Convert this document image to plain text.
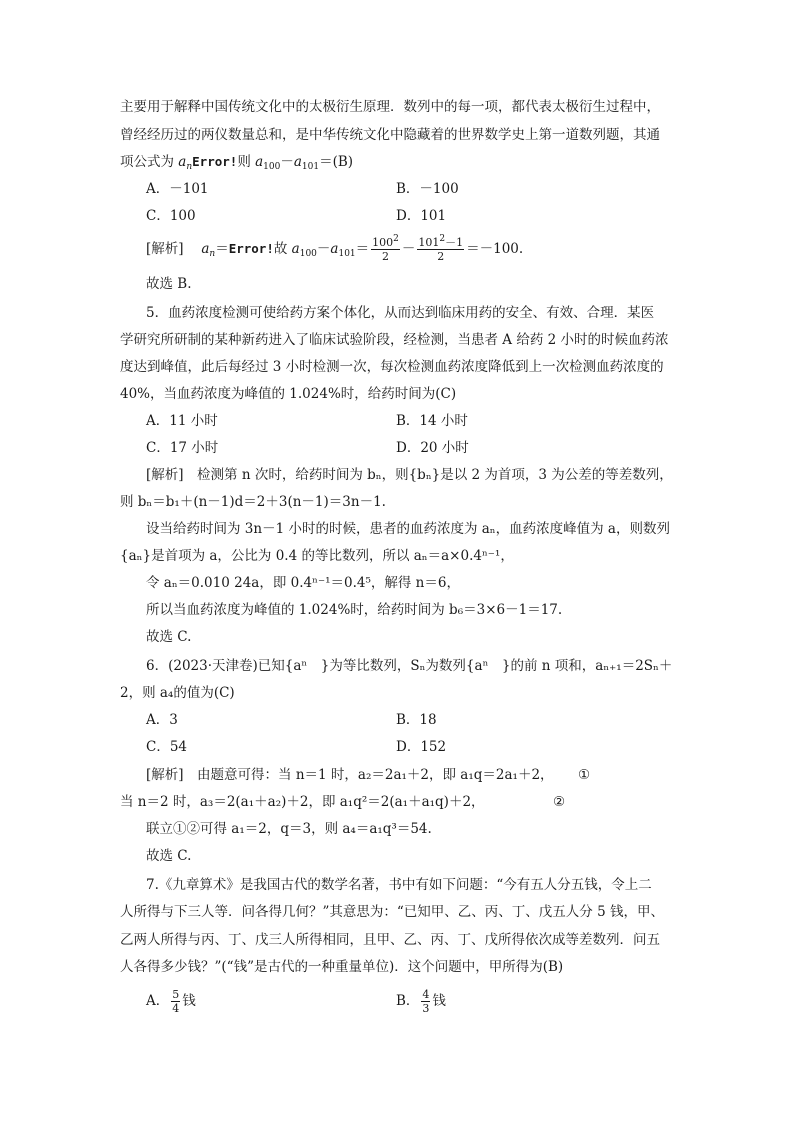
主要用于解释中国传统文化中的太极衍生原理．数列中的每一项，都代表太极衍生过程中，
曾经经历过的两仪数量总和，是中华传统文化中隐藏着的世界数学史上第一道数列题，其通
项公式为 $a_nError$!则 $a_{100}-a_{101}=(B)$
A．－101	B．－100
C．100	D．101
[解析]　 $a_n=Error$!故 $a_{100}-a_{101}= \frac{100^2}{2} - \frac{101^2-1}{2} =-100$.
故选 B.
5．血药浓度检测可使给药方案个体化，从而达到临床用药的安全、有效、合理．某医
学研究所研制的某种新药进入了临床试验阶段，经检测，当患者 A 给药 2 小时的时候血药浓
度达到峰值，此后每经过 3 小时检测一次，每次检测血药浓度降低到上一次检测血药浓度的
40%，当血药浓度为峰值的 1.024%时，给药时间为(C)
A．11 小时	B．14 小时
C．17 小时	D．20 小时
[解析]　 检测第 n 次时，给药时间为 bₙ，则{bₙ}是以 2 为首项，3 为公差的等差数列，
则 bₙ＝b₁＋(n－1)d＝2＋3(n－1)＝3n－1.
设当给药时间为 3n－1 小时的时候，患者的血药浓度为 aₙ，血药浓度峰值为 a，则数列
{aₙ}是首项为 a，公比为 0.4 的等比数列，所以 aₙ＝a×0.4ⁿ⁻¹，
令 aₙ＝0.010 24a，即 0.4ⁿ⁻¹＝0.4⁵，解得 n＝6，
所以当血药浓度为峰值的 1.024%时，给药时间为 b₆＝3×6－1＝17.
故选 C.
6．(2023·天津卷)已知{aⁿ　}为等比数列，Sₙ为数列{aⁿ　}的前 n 项和，aₙ₊₁＝2Sₙ＋
2，则 a₄的值为(C)
A．3	B．18
C．54	D．152
[解析]　 由题意可得：当 n＝1 时，a₂＝2a₁＋2，即 a₁q＝2a₁＋2， ①
当 n＝2 时，a₃＝2(a₁＋a₂)＋2，即 a₁q²＝2(a₁＋a₁q)＋2，	②
联立①②可得 a₁＝2，q＝3，则 a₄＝a₁q³＝54.
故选 C.
7.《九章算术》是我国古代的数学名著，书中有如下问题：“今有五人分五钱，令上二
人所得与下三人等．问各得几何？”其意思为：“已知甲、乙、丙、丁、戊五人分 5 钱，甲、
乙两人所得与丙、丁、戊三人所得相同，且甲、乙、丙、丁、戊所得依次成等差数列．问五
人各得多少钱？”(“钱”是古代的一种重量单位)．这个问题中，甲所得为(B)
A． $\frac{5}{4}$ 钱	B． $\frac{4}{3}$ 钱
